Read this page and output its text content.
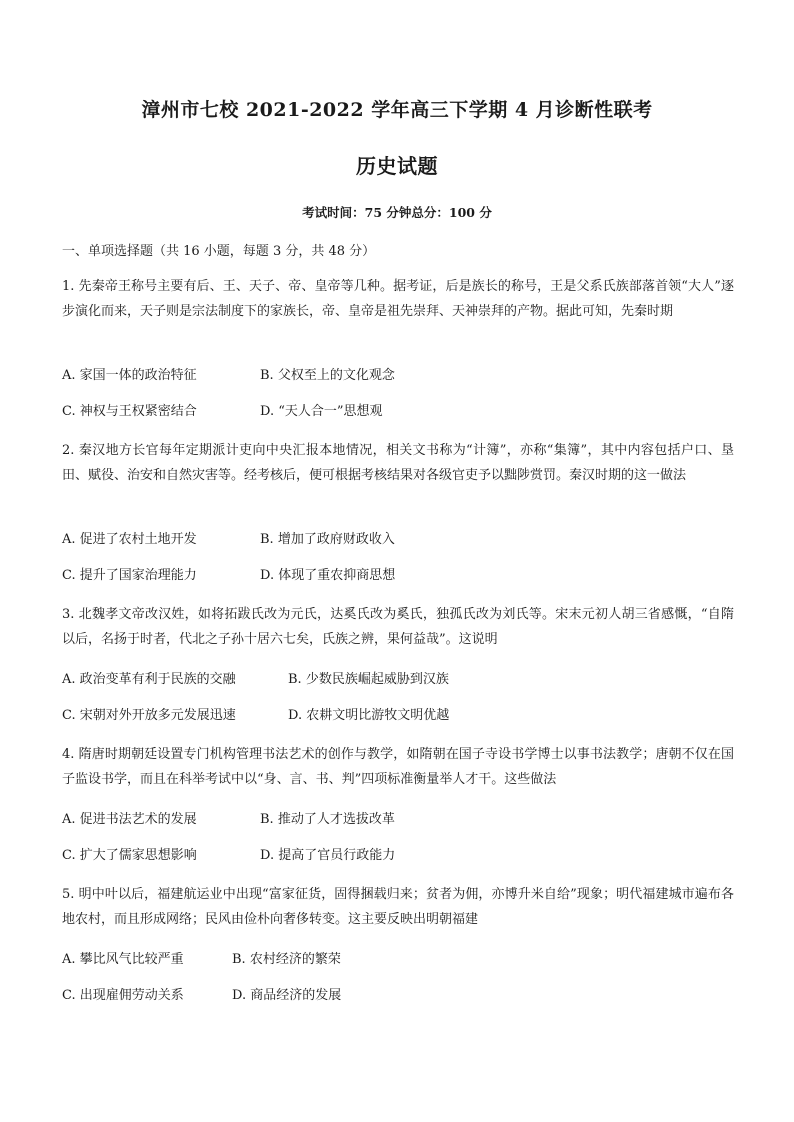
漳州市七校 2021-2022 学年高三下学期 4 月诊断性联考
历史试题
考试时间：75 分钟总分：100 分
一、单项选择题（共 16 小题，每题 3 分，共 48 分）
1. 先秦帝王称号主要有后、王、天子、帝、皇帝等几种。据考证，后是族长的称号，王是父系氏族部落首领“大人”逐步演化而来，天子则是宗法制度下的家族长，帝、皇帝是祖先崇拜、天神崇拜的产物。据此可知，先秦时期
A. 家国一体的政治特征	B. 父权至上的文化观念
C. 神权与王权紧密结合	D. “天人合一”思想观
2. 秦汉地方长官每年定期派计吏向中央汇报本地情况，相关文书称为“计簿”，亦称“集簿”，其中内容包括户口、垦田、赋役、治安和自然灾害等。经考核后，便可根据考核结果对各级官吏予以黜陟赏罚。秦汉时期的这一做法
A. 促进了农村土地开发	B. 增加了政府财政收入
C. 提升了国家治理能力	D. 体现了重农抑商思想
3. 北魏孝文帝改汉姓，如将拓跋氏改为元氏，达奚氏改为奚氏，独孤氏改为刘氏等。宋末元初人胡三省感慨，“自隋以后，名扬于时者，代北之子孙十居六七矣，氏族之辨，果何益哉”。这说明
A. 政治变革有利于民族的交融	B. 少数民族崛起威胁到汉族
C. 宋朝对外开放多元发展迅速	D. 农耕文明比游牧文明优越
4. 隋唐时期朝廷设置专门机构管理书法艺术的创作与教学，如隋朝在国子寺设书学博士以事书法教学；唐朝不仅在国子监设书学，而且在科举考试中以“身、言、书、判”四项标准衡量举人才干。这些做法
A. 促进书法艺术的发展	B. 推动了人才选拔改革
C. 扩大了儒家思想影响	D. 提高了官员行政能力
5. 明中叶以后，福建航运业中出现“富家征货，固得捆载归来；贫者为佣，亦博升米自给”现象；明代福建城市遍布各地农村，而且形成网络；民风由俭朴向奢侈转变。这主要反映出明朝福建
A. 攀比风气比较严重	B. 农村经济的繁荣
C. 出现雇佣劳动关系	D. 商品经济的发展
